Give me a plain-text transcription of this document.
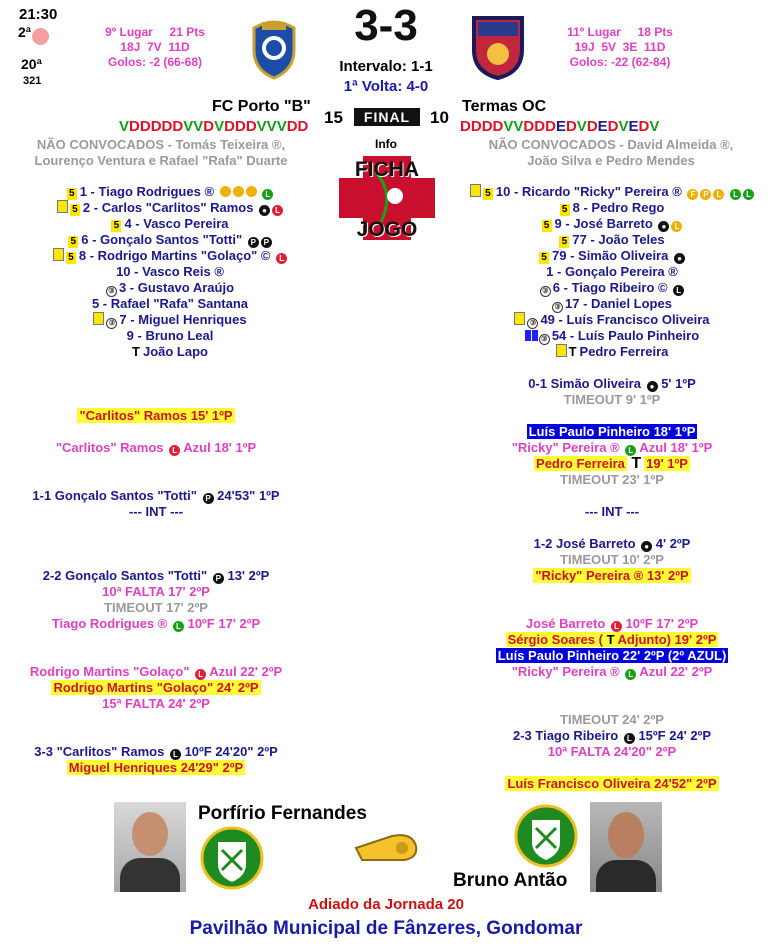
21:30
2ª
20ª
321
9º Lugar     21 Pts
18J  7V  11D
Golos: -2 (66-68)
3-3
Intervalo: 1-1
1ª Volta: 4-0
11º Lugar     18 Pts
19J  5V  3E  11D
Golos: -22 (62-84)
FC Porto "B"
15	FINAL	10
Termas OC
VDDDDDVVDVDDDVVVDD	DDDDVVDDDEDVDEDVEDV
NÃO CONVOCADOS - Tomás Teixeira ®,
Lourenço Ventura e Rafael "Rafa" Duarte
NÃO CONVOCADOS - David Almeida ®,
João Silva e Pedro Mendes
Info
FICHA
JOGO
5 1 - Tiago Rodrigues ®	L
5 2 - Carlos "Carlitos" Ramos ● L
5 4 - Vasco Pereira
5 6 - Gonçalo Santos "Totti" P P
5 8 - Rodrigo Martins "Golaço" © L
10 - Vasco Reis ®
③ 3 - Gustavo Araújo
5 - Rafael "Rafa" Santana
③ 7 - Miguel Henriques
9 - Bruno Leal
T João Lapo
5 10 - Ricardo "Ricky" Pereira ® F P L L L
5 8 - Pedro Rego
5 9 - José Barreto ● L
5 77 - João Teles
5 79 - Simão Oliveira ●
1 - Gonçalo Pereira ®
③ 6 - Tiago Ribeiro © L
③ 17 - Daniel Lopes
③ 49 - Luís Francisco Oliveira
③ 54 - Luís Paulo Pinheiro
T Pedro Ferreira
0-1 Simão Oliveira ● 5' 1ºP
TIMEOUT 9' 1ºP
"Carlitos" Ramos 15' 1ºP
Luís Paulo Pinheiro 18' 1ºP
"Carlitos" Ramos L Azul 18' 1ºP	"Ricky" Pereira ® L Azul 18' 1ºP
Pedro Ferreira T 19' 1ºP
TIMEOUT 23' 1ºP
1-1 Gonçalo Santos "Totti" P 24'53" 1ºP
--- INT ---	--- INT ---
1-2 José Barreto ● 4' 2ºP
TIMEOUT 10' 2ºP
"Ricky" Pereira ® 13' 2ºP
2-2 Gonçalo Santos "Totti" P 13' 2ºP
10ª FALTA 17' 2ºP
TIMEOUT 17' 2ºP
Tiago Rodrigues ® L 10ºF 17' 2ºP	José Barreto L 10ºF 17' 2ºP
Sérgio Soares ( T Adjunto) 19' 2ºP
Luís Paulo Pinheiro 22' 2ºP (2º AZUL)
Rodrigo Martins "Golaço" L Azul 22' 2ºP	"Ricky" Pereira ® L Azul 22' 2ºP
Rodrigo Martins "Golaço" 24' 2ºP
15ª FALTA 24' 2ºP
TIMEOUT 24' 2ºP
2-3 Tiago Ribeiro L 15ºF 24' 2ºP
10ª FALTA 24'20" 2ºP
3-3 "Carlitos" Ramos L 10ºF 24'20" 2ºP
Miguel Henriques 24'29" 2ºP
Luís Francisco Oliveira 24'52" 2ºP
Porfírio Fernandes
Bruno Antão
Adiado da Jornada 20
Pavilhão Municipal de Fânzeres, Gondomar
